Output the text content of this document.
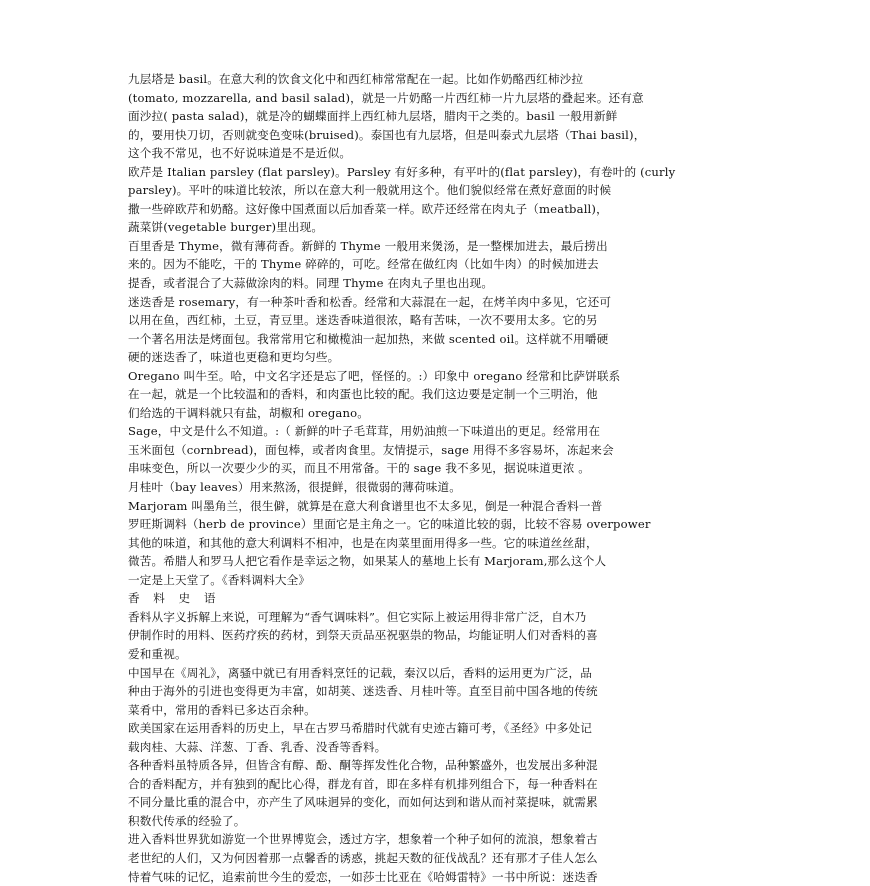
九层塔是 basil。在意大利的饮食文化中和西红柿常常配在一起。比如作奶酪西红柿沙拉
(tomato, mozzarella, and basil salad)，就是一片奶酪一片西红柿一片九层塔的叠起来。还有意
面沙拉( pasta salad)，就是冷的蝴蝶面拌上西红柿九层塔，腊肉干之类的。basil 一般用新鲜
的，要用快刀切，否则就变色变味(bruised)。泰国也有九层塔，但是叫泰式九层塔（Thai basil)，
这个我不常见，也不好说味道是不是近似。
欧芹是 Italian parsley (flat parsley)。Parsley 有好多种，有平叶的(flat parsley)，有卷叶的 (curly
parsley)。平叶的味道比较浓，所以在意大利一般就用这个。他们貌似经常在煮好意面的时候
撒一些碎欧芹和奶酪。这好像中国煮面以后加香菜一样。欧芹还经常在肉丸子（meatball)，
蔬菜饼(vegetable burger)里出现。
百里香是 Thyme，微有薄荷香。新鲜的 Thyme 一般用来煲汤，是一整棵加进去，最后捞出
来的。因为不能吃，干的 Thyme 碎碎的，可吃。经常在做红肉（比如牛肉）的时候加进去
提香，或者混合了大蒜做涂肉的料。同理 Thyme 在肉丸子里也出现。
迷迭香是 rosemary，有一种茶叶香和松香。经常和大蒜混在一起，在烤羊肉中多见，它还可
以用在鱼，西红柿，土豆，青豆里。迷迭香味道很浓，略有苦味，一次不要用太多。它的另
一个著名用法是烤面包。我常常用它和橄榄油一起加热，来做 scented oil。这样就不用嚼硬
硬的迷迭香了，味道也更稳和更均匀些。
Oregano 叫牛至。哈，中文名字还是忘了吧，怪怪的。:）印象中 oregano 经常和比萨饼联系
在一起，就是一个比较温和的香料，和肉蛋也比较的配。我们这边要是定制一个三明治，他
们给选的干调料就只有盐，胡椒和 oregano。
Sage，中文是什么不知道。:（ 新鲜的叶子毛茸茸，用奶油煎一下味道出的更足。经常用在
玉米面包（cornbread)，面包棒，或者肉食里。友情提示，sage 用得不多容易坏，冻起来会
串味变色，所以一次要少少的买，而且不用常备。干的 sage 我不多见，据说味道更浓 。
月桂叶（bay leaves）用来熬汤，很提鲜，很微弱的薄荷味道。
Marjoram 叫墨角兰，很生僻，就算是在意大利食谱里也不太多见，倒是一种混合香料一普
罗旺斯调料（herb de province）里面它是主角之一。它的味道比较的弱，比较不容易 overpower
其他的味道，和其他的意大利调料不相冲，也是在肉菜里面用得多一些。它的味道丝丝甜，
微苦。希腊人和罗马人把它看作是幸运之物，如果某人的墓地上长有 Marjoram,那么这个人
一定是上天堂了。《香料调料大全》
香 料 史 语
香料从字义拆解上来说，可理解为“香气调味料”。但它实际上被运用得非常广泛，自木乃
伊制作时的用料、医药疗疾的药材，到祭天贡品巫祝驱祟的物品，均能证明人们对香料的喜
爱和重视。
中国早在《周礼》，离骚中就已有用香料烹饪的记载，秦汉以后，香料的运用更为广泛，品
种由于海外的引进也变得更为丰富，如胡荚、迷迭香、月桂叶等。直至目前中国各地的传统
菜肴中，常用的香料已多达百余种。
欧美国家在运用香料的历史上，早在古罗马希腊时代就有史迹古籍可考，《圣经》中多处记
载肉桂、大蒜、洋葱、丁香、乳香、没香等香料。
各种香料虽特质各异，但皆含有醇、酚、酮等挥发性化合物，品种繁盛外，也发展出多种混
合的香料配方，并有独到的配比心得，群龙有首，即在多样有机排列组合下，每一种香料在
不同分量比重的混合中，亦产生了风味迥异的变化，而如何达到和谐从而衬菜提味，就需累
积数代传承的经验了。
进入香料世界犹如游览一个世界博览会，透过方字，想象着一个种子如何的流浪，想象着古
老世纪的人们，又为何因着那一点馨香的诱惑，挑起天数的征伐战乱？还有那才子佳人怎么
恃着气味的记忆，追索前世今生的爱恋，一如莎士比亚在《哈姆雷特》一书中所说：迷迭香
